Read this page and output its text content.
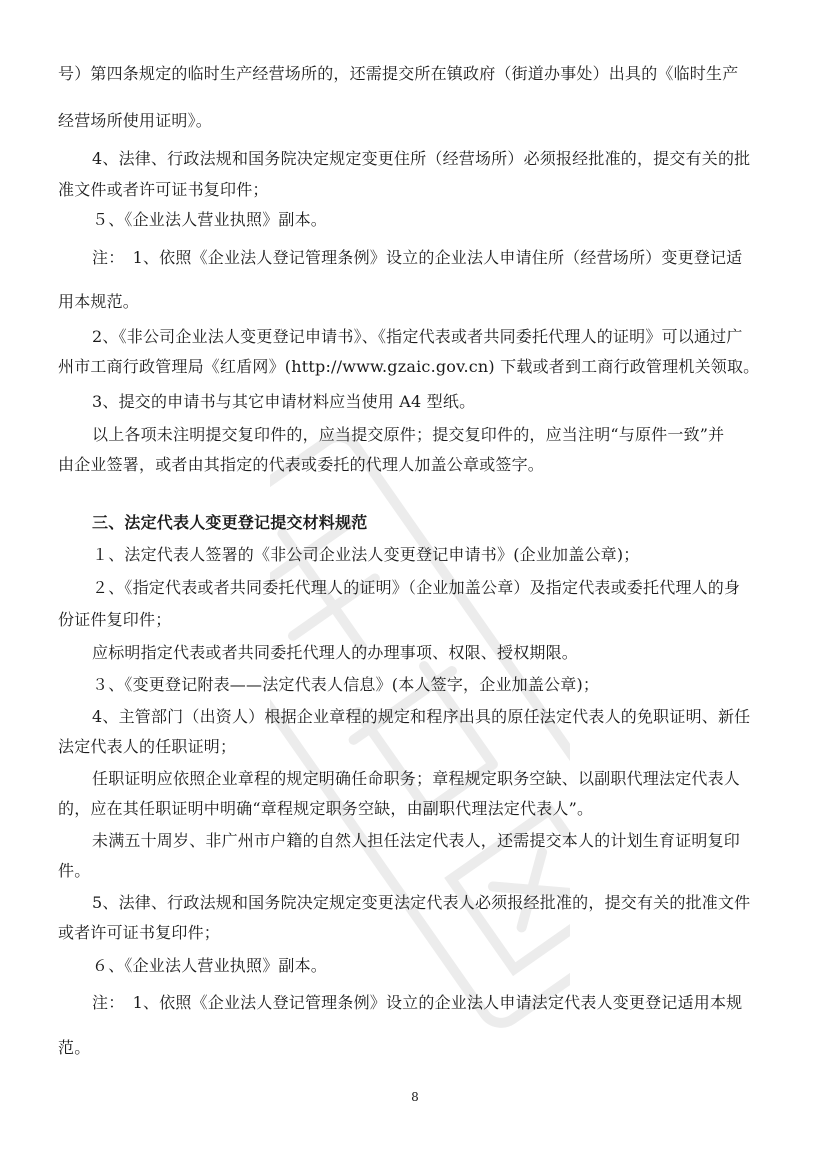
号）第四条规定的临时生产经营场所的，还需提交所在镇政府（街道办事处）出具的《临时生产
经营场所使用证明》。
4、法律、行政法规和国务院决定规定变更住所（经营场所）必须报经批准的，提交有关的批
准文件或者许可证书复印件；
５、《企业法人营业执照》副本。
注：　1、依照《企业法人登记管理条例》设立的企业法人申请住所（经营场所）变更登记适
用本规范。
2、《非公司企业法人变更登记申请书》、《指定代表或者共同委托代理人的证明》可以通过广
州市工商行政管理局《红盾网》(http://www.gzaic.gov.cn) 下载或者到工商行政管理机关领取。
3、提交的申请书与其它申请材料应当使用 A4 型纸。
以上各项未注明提交复印件的，应当提交原件；提交复印件的，应当注明“与原件一致”并
由企业签署，或者由其指定的代表或委托的代理人加盖公章或签字。
三、法定代表人变更登记提交材料规范
１、法定代表人签署的《非公司企业法人变更登记申请书》(企业加盖公章)；
２、《指定代表或者共同委托代理人的证明》（企业加盖公章）及指定代表或委托代理人的身
份证件复印件；
应标明指定代表或者共同委托代理人的办理事项、权限、授权期限。
３、《变更登记附表——法定代表人信息》(本人签字，企业加盖公章)；
4、主管部门（出资人）根据企业章程的规定和程序出具的原任法定代表人的免职证明、新任
法定代表人的任职证明；
任职证明应依照企业章程的规定明确任命职务；章程规定职务空缺、以副职代理法定代表人
的，应在其任职证明中明确“章程规定职务空缺，由副职代理法定代表人”。
未满五十周岁、非广州市户籍的自然人担任法定代表人，还需提交本人的计划生育证明复印
件。
5、法律、行政法规和国务院决定规定变更法定代表人必须报经批准的，提交有关的批准文件
或者许可证书复印件；
６、《企业法人营业执照》副本。
注：　1、依照《企业法人登记管理条例》设立的企业法人申请法定代表人变更登记适用本规
范。
8
